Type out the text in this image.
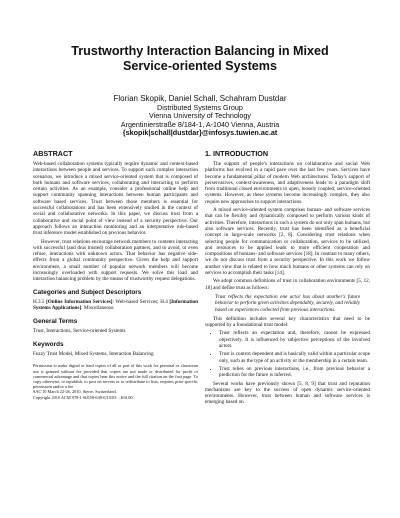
Trustworthy Interaction Balancing in Mixed
Service-oriented Systems
Florian Skopik, Daniel Schall, Schahram Dustdar
Distributed Systems Group
Vienna University of Technology
Argentinierstraße 8/184-1, A-1040 Vienna, Austria
{skopik|schall|dustdar}@infosys.tuwien.ac.at
ABSTRACT

Web-based collaboration systems typically require dynamic and context-based interactions between people and services. To support such complex interaction scenarios, we introduce a mixed service-oriented system that is composed of both humans and software services, collaborating and interacting to perform certain activities. As an example, consider a professional online help and support community spanning interactions between human participants and software based services. Trust between those members is essential for successful collaborations and has been extensively studied in the context of social and collaborative networks. In this paper, we discuss trust from a collaborative and social point of view instead of a security perspective. Our approach follows an interaction monitoring and an interpretative rule-based trust inference model established on previous behavior.

However, trust relations encourage network members to contents interacting with successful (and thus trusted) collaboration partners, and to avoid, or even refuse, interactions with unknown actors. That behavior has negative side-effects from a global community perspective. Given the help and support environment, a small number of popular network members will become increasingly overloaded with support requests. We solve this load and interaction balancing problem by the means of trustworthy request delegations.

Categories and Subject Descriptors

H.3.5 [Online Information Services]: Web-based Services; H.4 [Information Systems Applications]: Miscellaneous

General Terms

Trust, Interactions, Service-oriented Systems

Keywords

Fuzzy Trust Model, Mixed Systems, Interaction Balancing

Permission to make digital or hard copies of all or part of this work for personal or classroom use is granted without fee provided that copies are not made or distributed for profit or commercial advantage and that copies bear this notice and the full citation on the first page. To copy otherwise, to republish, to post on servers or to redistribute to lists, requires prior specific permission and/or a fee.
SAC'10 March 22-26, 2010, Sierre, Switzerland.
Copyright 2010 ACM 978-1-60558-638-0/10/03 ...$10.00.
1. INTRODUCTION

The support of people's interactions on collaborative and social Web platforms has evolved in a rapid pace over the last few years. Services have become a fundamental pillar of modern Web architectures. Today's support of perservasives, context-awareness, and adaptiveness leads to a paradigm shift from traditional closed environments to open, loosely coupled, service-oriented systems. However, as these systems become increasingly complex, they also require new approaches to support interactions.

A mixed service-oriented system comprises human- and software services that can be flexibly and dynamically composed to perform various kinds of activities. Therefore, interactions in such a system do not only span humans, but also software services. Recently, trust has been identified as a beneficial concept in large-scale networks [2, 8]. Considering trust relations when selecting people for communication or collaboration, services to be utilized, and resources to be applied leads to more efficient cooperation and compositions of humans- and software services [18]. In contrast to many others, we do not discuss trust from a security perspective. In this work we follow another view that is related to how much humans or other systems can rely on services to accomplish their tasks [14].

We adopt common definitions of trust in collaboration environments [5, 12, 18] and define trust as follows:

Trust reflects the expectation one actor has about another's future behavior to perform given activities dependably, securely, and reliably based on experiences collected from previous interactions.

This definition includes several key characteristics that need to be supported by a foundational trust model:

• Trust reflects an expectation and, therefore, cannot be expressed objectively. It is influenced by subjective perceptions of the involved actors.
• Trust is context dependent and is basically valid within a particular scope only, such as the type of an activity or the membership in a certain team.
• Trust relies on previous interactions, i.e., from previous behavior a prediction for the future is inferred.

Several works have previously shown [5, 8, 9] that trust and reputation mechanisms are key to the success of open dynamic service-oriented environments. However, trust between human and software services is emerging based on
